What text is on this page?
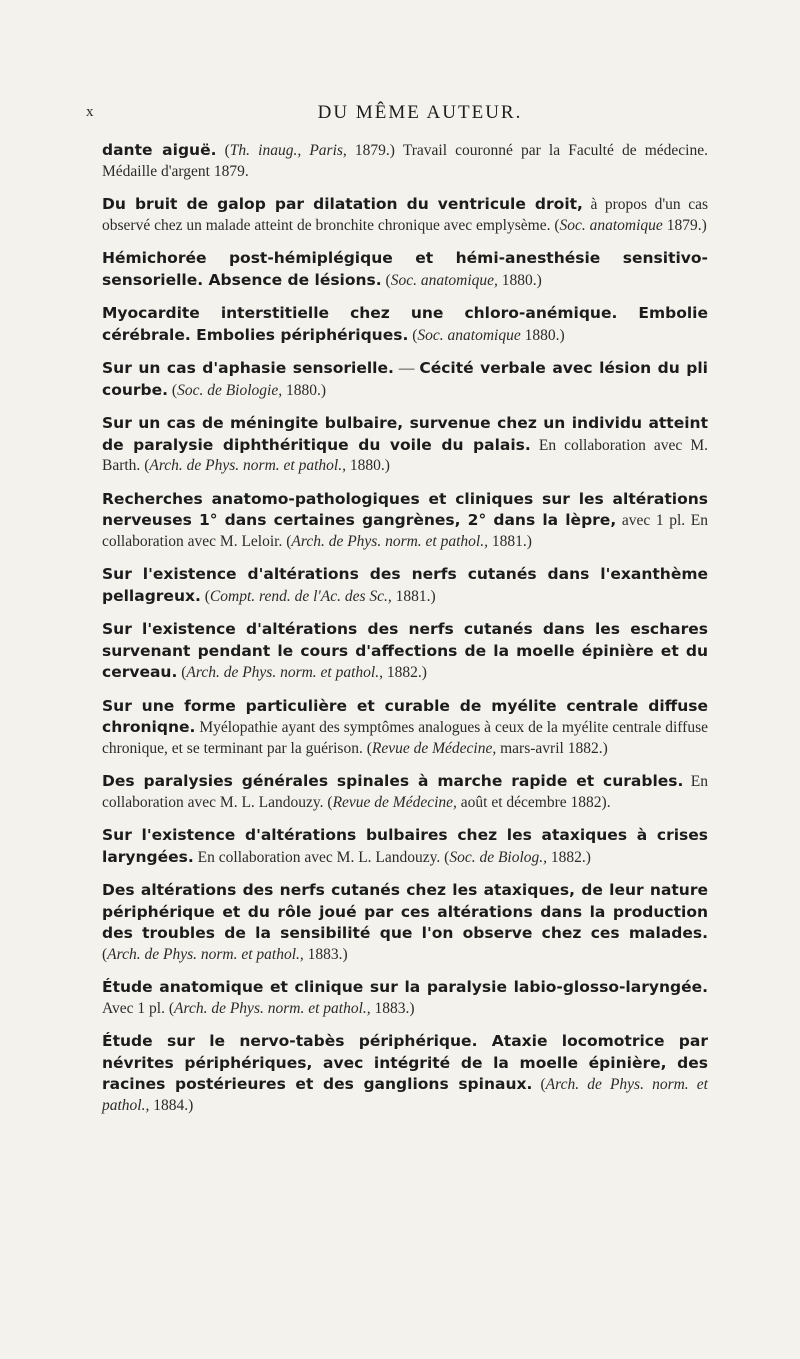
x	DU MÊME AUTEUR.

dante aiguë. (Th. inaug., Paris, 1879.) Travail couronné par la Faculté de médecine. Médaille d'argent 1879.

Du bruit de galop par dilatation du ventricule droit, à propos d'un cas observé chez un malade atteint de bronchite chronique avec emplysème. (Soc. anatomique 1879.)

Hémichorée post-hémiplégique et hémi-anesthésie sensitivo-sensorielle. Absence de lésions. (Soc. anatomique, 1880.)

Myocardite interstitielle chez une chloro-anémique. Embolie cérébrale. Embolies périphériques. (Soc. anatomique 1880.)

Sur un cas d'aphasie sensorielle. — Cécité verbale avec lésion du pli courbe. (Soc. de Biologie, 1880.)

Sur un cas de méningite bulbaire, survenue chez un individu atteint de paralysie diphthéritique du voile du palais. En collaboration avec M. Barth. (Arch. de Phys. norm. et pathol., 1880.)

Recherches anatomo-pathologiques et cliniques sur les altérations nerveuses 1° dans certaines gangrènes, 2° dans la lèpre, avec 1 pl. En collaboration avec M. Leloir. (Arch. de Phys. norm. et pathol., 1881.)

Sur l'existence d'altérations des nerfs cutanés dans l'exanthème pellagreux. (Compt. rend. de l'Ac. des Sc., 1881.)

Sur l'existence d'altérations des nerfs cutanés dans les eschares survenant pendant le cours d'affections de la moelle épinière et du cerveau. (Arch. de Phys. norm. et pathol., 1882.)

Sur une forme particulière et curable de myélite centrale diffuse chroniqne. Myélopathie ayant des symptômes analogues à ceux de la myélite centrale diffuse chronique, et se terminant par la guérison. (Revue de Médecine, mars-avril 1882.)

Des paralysies générales spinales à marche rapide et curables. En collaboration avec M. L. Landouzy. (Revue de Médecine, août et décembre 1882).

Sur l'existence d'altérations bulbaires chez les ataxiques à crises laryngées. En collaboration avec M. L. Landouzy. (Soc. de Biolog., 1882.)

Des altérations des nerfs cutanés chez les ataxiques, de leur nature périphérique et du rôle joué par ces altérations dans la production des troubles de la sensibilité que l'on observe chez ces malades. (Arch. de Phys. norm. et pathol., 1883.)

Étude anatomique et clinique sur la paralysie labio-glosso-laryngée. Avec 1 pl. (Arch. de Phys. norm. et pathol., 1883.)

Étude sur le nervo-tabès périphérique. Ataxie locomotrice par névrites périphériques, avec intégrité de la moelle épinière, des racines postérieures et des ganglions spinaux. (Arch. de Phys. norm. et pathol., 1884.)
